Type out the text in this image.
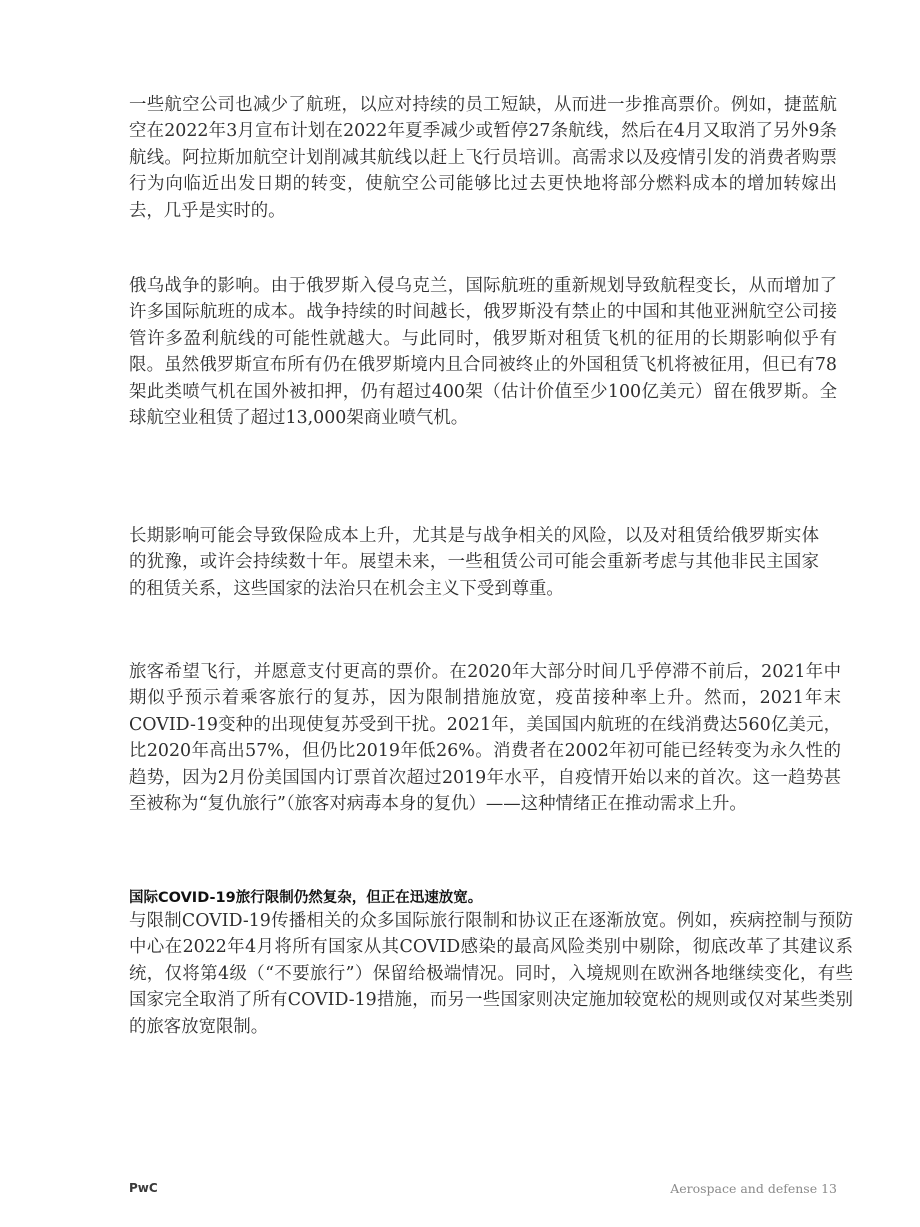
一些航空公司也减少了航班，以应对持续的员工短缺，从而进一步推高票价。例如，捷蓝航空在2022年3月宣布计划在2022年夏季减少或暂停27条航线，然后在4月又取消了另外9条航线。阿拉斯加航空计划削减其航线以赶上飞行员培训。高需求以及疫情引发的消费者购票行为向临近出发日期的转变，使航空公司能够比过去更快地将部分燃料成本的增加转嫁出去，几乎是实时的。

俄乌战争的影响。由于俄罗斯入侵乌克兰，国际航班的重新规划导致航程变长，从而增加了许多国际航班的成本。战争持续的时间越长，俄罗斯没有禁止的中国和其他亚洲航空公司接管许多盈利航线的可能性就越大。与此同时，俄罗斯对租赁飞机的征用的长期影响似乎有限。虽然俄罗斯宣布所有仍在俄罗斯境内且合同被终止的外国租赁飞机将被征用，但已有78架此类喷气机在国外被扣押，仍有超过400架（估计价值至少100亿美元）留在俄罗斯。全球航空业租赁了超过13,000架商业喷气机。

长期影响可能会导致保险成本上升，尤其是与战争相关的风险，以及对租赁给俄罗斯实体的犹豫，或许会持续数十年。展望未来，一些租赁公司可能会重新考虑与其他非民主国家的租赁关系，这些国家的法治只在机会主义下受到尊重。

旅客希望飞行，并愿意支付更高的票价。在2020年大部分时间几乎停滞不前后，2021年中期似乎预示着乘客旅行的复苏，因为限制措施放宽，疫苗接种率上升。然而，2021年末COVID-19变种的出现使复苏受到干扰。2021年，美国国内航班的在线消费达560亿美元，比2020年高出57%，但仍比2019年低26%。消费者在2002年初可能已经转变为永久性的趋势，因为2月份美国国内订票首次超过2019年水平，自疫情开始以来的首次。这一趋势甚至被称为“复仇旅行”（旅客对病毒本身的复仇）——这种情绪正在推动需求上升。

国际COVID-19旅行限制仍然复杂，但正在迅速放宽。

与限制COVID-19传播相关的众多国际旅行限制和协议正在逐渐放宽。例如，疾病控制与预防中心在2022年4月将所有国家从其COVID感染的最高风险类别中剔除，彻底改革了其建议系统，仅将第4级（“不要旅行”）保留给极端情况。同时，入境规则在欧洲各地继续变化，有些国家完全取消了所有COVID-19措施，而另一些国家则决定施加较宽松的规则或仅对某些类别的旅客放宽限制。

PwC	Aerospace and defense 13
